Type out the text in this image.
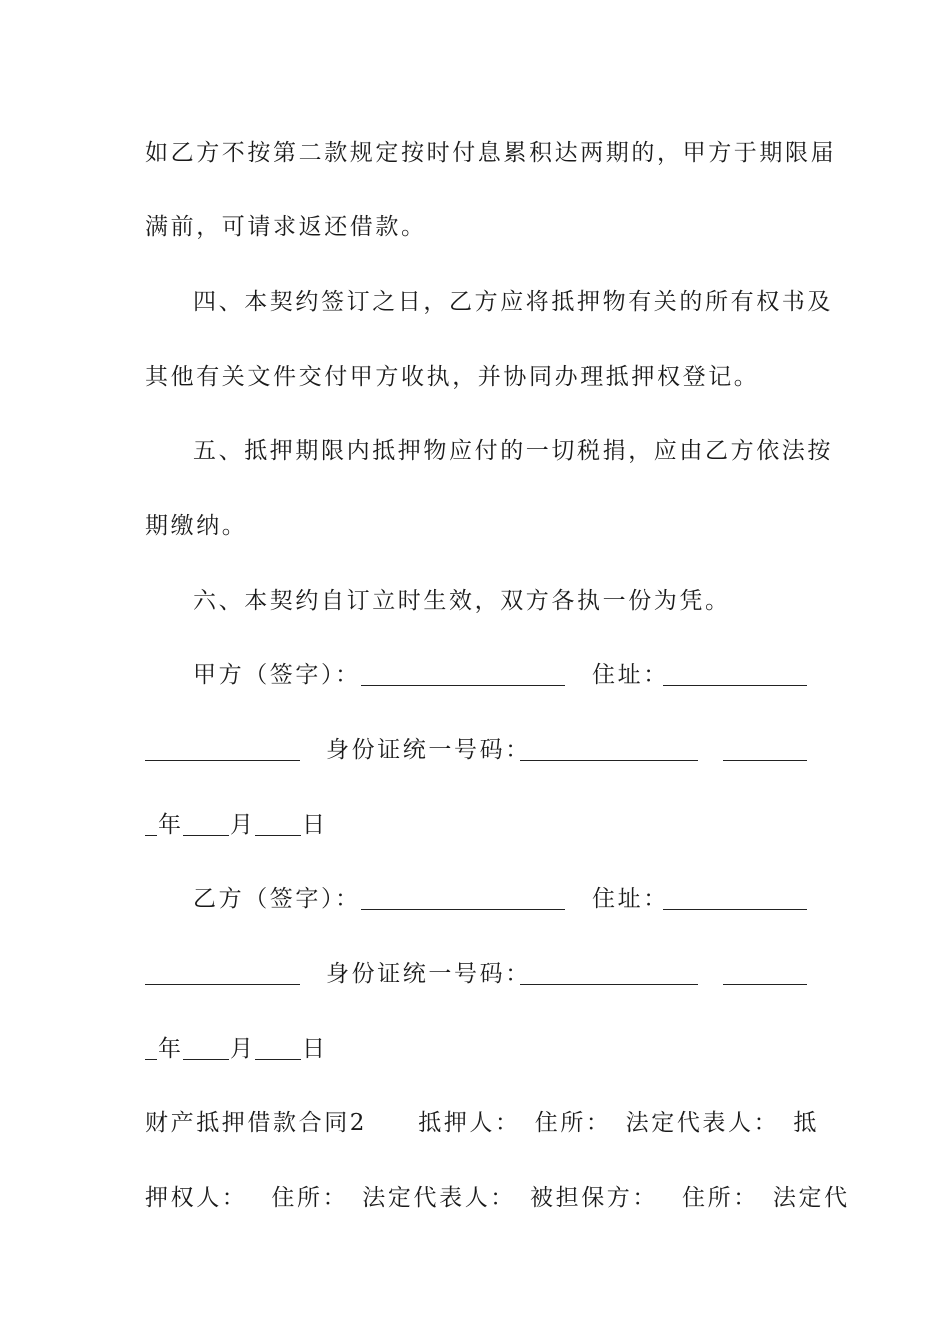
如乙方不按第二款规定按时付息累积达两期的，甲方于期限届
满前，可请求返还借款。
四、本契约签订之日，乙方应将抵押物有关的所有权书及
其他有关文件交付甲方收执，并协同办理抵押权登记。
五、抵押期限内抵押物应付的一切税捐，应由乙方依法按
期缴纳。
六、本契约自订立时生效，双方各执一份为凭。
甲方（签字）：	住址：
身份证统一号码：
年 月 日
乙方（签字）：	住址：
身份证统一号码：
年 月 日
财产抵押借款合同2　　抵押人：　住所：　法定代表人：　抵
押权人：　 住所：　法定代表人：　被担保方：　 住所：　法定代
